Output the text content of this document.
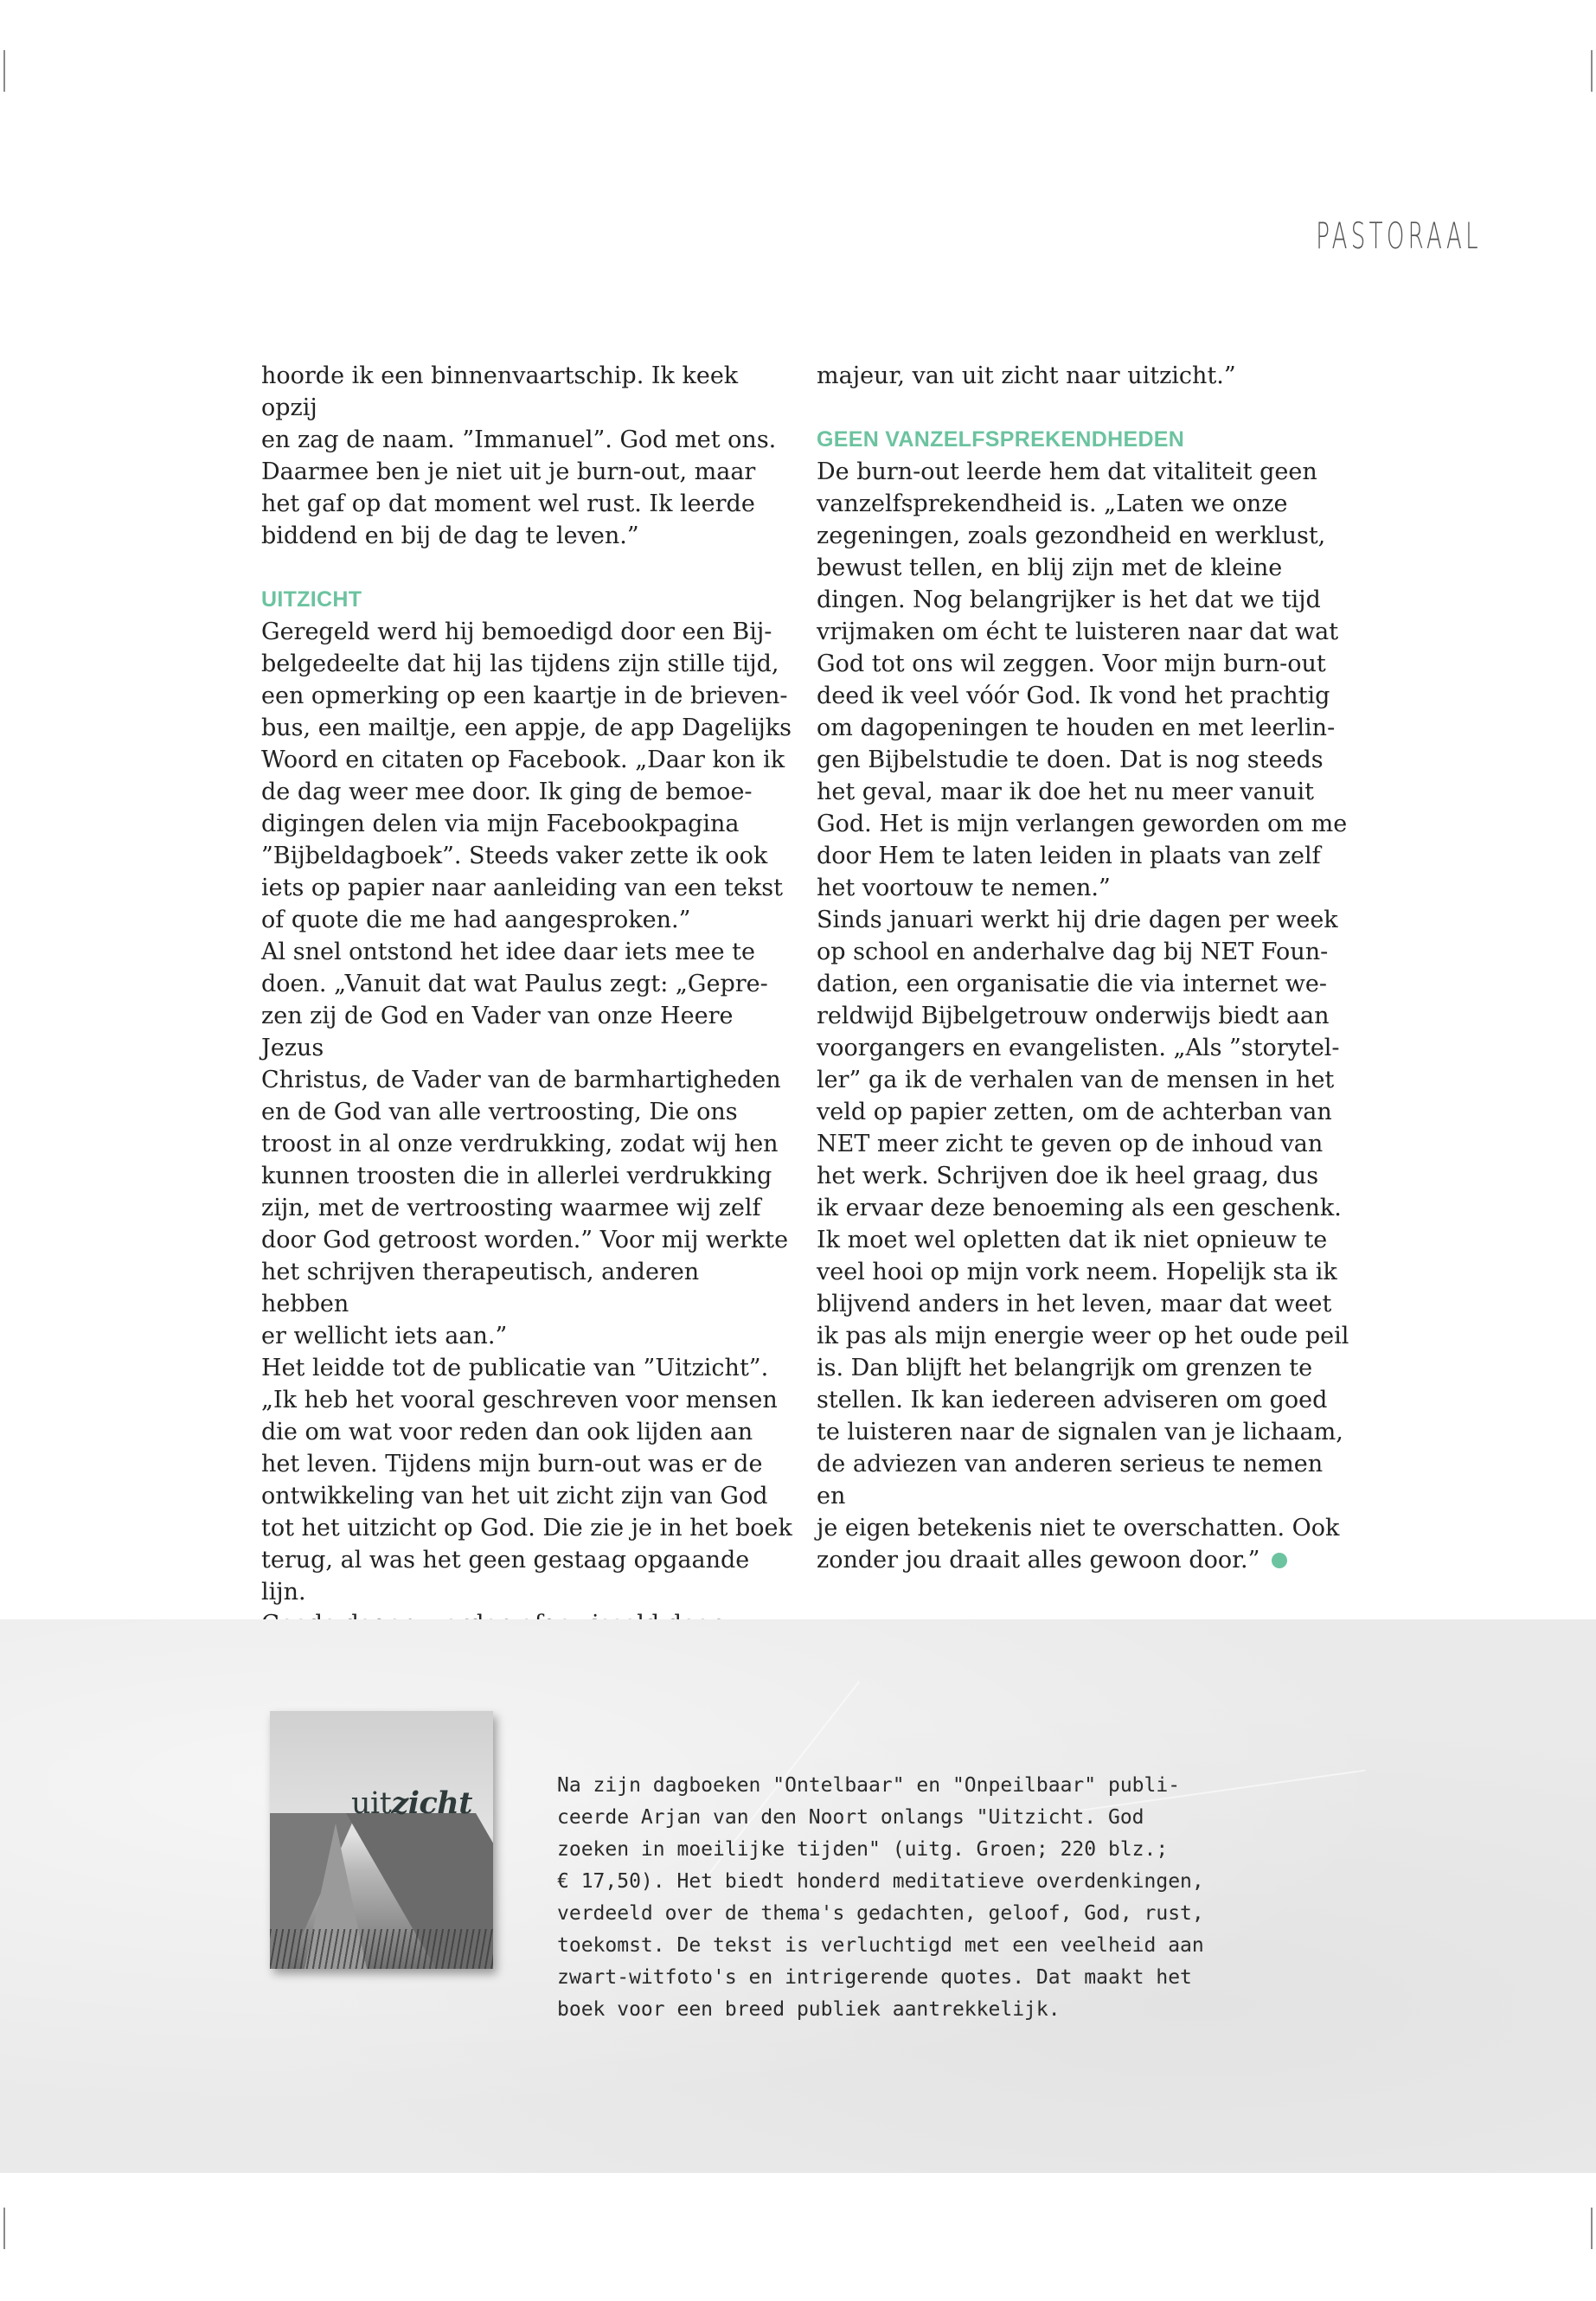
PASTORAAL

hoorde ik een binnenvaartschip. Ik keek opzij
en zag de naam. ”Immanuel”. God met ons.
Daarmee ben je niet uit je burn-out, maar
het gaf op dat moment wel rust. Ik leerde
biddend en bij de dag te leven.”

UITZICHT

Geregeld werd hij bemoedigd door een Bij-
belgedeelte dat hij las tijdens zijn stille tijd,
een opmerking op een kaartje in de brieven-
bus, een mailtje, een appje, de app Dagelijks
Woord en citaten op Facebook. „Daar kon ik
de dag weer mee door. Ik ging de bemoe-
digingen delen via mijn Facebookpagina
”Bijbeldagboek”. Steeds vaker zette ik ook
iets op papier naar aanleiding van een tekst
of quote die me had aangesproken.”

Al snel ontstond het idee daar iets mee te
doen. „Vanuit dat wat Paulus zegt: „Gepre-
zen zij de God en Vader van onze Heere Jezus
Christus, de Vader van de barmhartigheden
en de God van alle vertroosting, Die ons
troost in al onze verdrukking, zodat wij hen
kunnen troosten die in allerlei verdrukking
zijn, met de vertroosting waarmee wij zelf
door God getroost worden.” Voor mij werkte
het schrijven therapeutisch, anderen hebben
er wellicht iets aan.”

Het leidde tot de publicatie van ”Uitzicht”.
„Ik heb het vooral geschreven voor mensen
die om wat voor reden dan ook lijden aan
het leven. Tijdens mijn burn-out was er de
ontwikkeling van het uit zicht zijn van God
tot het uitzicht op God. Die zie je in het boek
terug, al was het geen gestaag opgaande lijn.

majeur, van uit zicht naar uitzicht.”

GEEN VANZELFSPREKENDHEDEN

De burn-out leerde hem dat vitaliteit geen
vanzelfsprekendheid is. „Laten we onze
zegeningen, zoals gezondheid en werklust,
bewust tellen, en blij zijn met de kleine
dingen. Nog belangrijker is het dat we tijd
vrijmaken om écht te luisteren naar dat wat
God tot ons wil zeggen. Voor mijn burn-out
deed ik veel vóór God. Ik vond het prachtig
om dagopeningen te houden en met leerlin-
gen Bijbelstudie te doen. Dat is nog steeds
het geval, maar ik doe het nu meer vanuit
God. Het is mijn verlangen geworden om me
door Hem te laten leiden in plaats van zelf
het voortouw te nemen.”

Sinds januari werkt hij drie dagen per week
op school en anderhalve dag bij NET Foun-
dation, een organisatie die via internet we-
reldwijd Bijbelgetrouw onderwijs biedt aan
voorgangers en evangelisten. „Als ”storytel-
ler” ga ik de verhalen van de mensen in het
veld op papier zetten, om de achterban van
NET meer zicht te geven op de inhoud van
het werk. Schrijven doe ik heel graag, dus
ik ervaar deze benoeming als een geschenk.
Ik moet wel opletten dat ik niet opnieuw te
veel hooi op mijn vork neem. Hopelijk sta ik
blijvend anders in het leven, maar dat weet
ik pas als mijn energie weer op het oude peil
is. Dan blijft het belangrijk om grenzen te
stellen. Ik kan iedereen adviseren om goed
te luisteren naar de signalen van je lichaam,
de adviezen van anderen serieus te nemen en
je eigen betekenis niet te overschatten. Ook
zonder jou draait alles gewoon door.”

uitzicht	Na zijn dagboeken "Ontelbaar" en "Onpeilbaar" publi-
ceerde Arjan van den Noort onlangs "Uitzicht. God
zoeken in moeilijke tijden" (uitg. Groen; 220 blz.;
€ 17,50). Het biedt honderd meditatieve overdenkingen,
verdeeld over de thema's gedachten, geloof, God, rust,
toekomst. De tekst is verluchtigd met een veelheid aan
zwart-witfoto's en intrigerende quotes. Dat maakt het
boek voor een breed publiek aantrekkelijk.
